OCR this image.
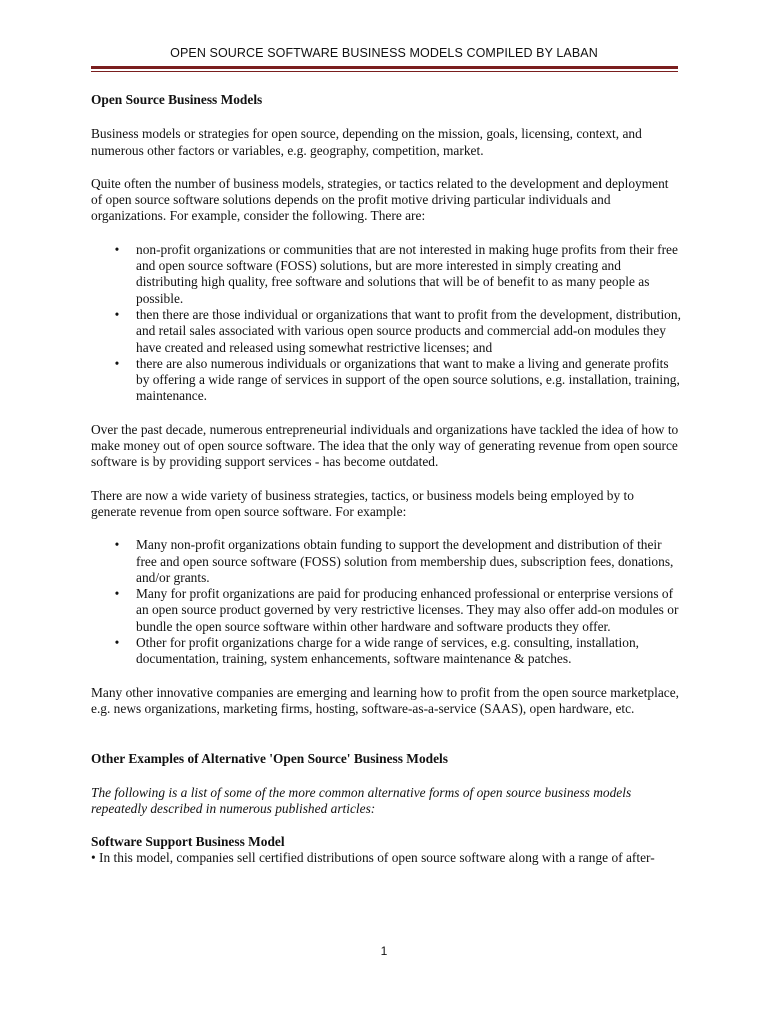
OPEN SOURCE SOFTWARE BUSINESS MODELS COMPILED BY LABAN

Open Source Business Models

Business models or strategies for open source, depending on the mission, goals, licensing, context, and numerous other factors or variables, e.g. geography, competition, market.

Quite often the number of business models, strategies, or tactics related to the development and deployment of open source software solutions depends on the profit motive driving particular individuals and organizations. For example, consider the following. There are:

• non-profit organizations or communities that are not interested in making huge profits from their free and open source software (FOSS) solutions, but are more interested in simply creating and distributing high quality, free software and solutions that will be of benefit to as many people as possible.
• then there are those individual or organizations that want to profit from the development, distribution, and retail sales associated with various open source products and commercial add-on modules they have created and released using somewhat restrictive licenses; and
• there are also numerous individuals or organizations that want to make a living and generate profits by offering a wide range of services in support of the open source solutions, e.g. installation, training, maintenance.

Over the past decade, numerous entrepreneurial individuals and organizations have tackled the idea of how to make money out of open source software. The idea that the only way of generating revenue from open source software is by providing support services - has become outdated.

There are now a wide variety of business strategies, tactics, or business models being employed by to generate revenue from open source software. For example:

• Many non-profit organizations obtain funding to support the development and distribution of their free and open source software (FOSS) solution from membership dues, subscription fees, donations, and/or grants.
• Many for profit organizations are paid for producing enhanced professional or enterprise versions of an open source product governed by very restrictive licenses. They may also offer add-on modules or bundle the open source software within other hardware and software products they offer.
• Other for profit organizations charge for a wide range of services, e.g. consulting, installation, documentation, training, system enhancements, software maintenance & patches.

Many other innovative companies are emerging and learning how to profit from the open source marketplace, e.g. news organizations, marketing firms, hosting, software-as-a-service (SAAS), open hardware, etc.

Other Examples of Alternative 'Open Source' Business Models

The following is a list of some of the more common alternative forms of open source business models repeatedly described in numerous published articles:

Software Support Business Model

• In this model, companies sell certified distributions of open source software along with a range of after-

1
